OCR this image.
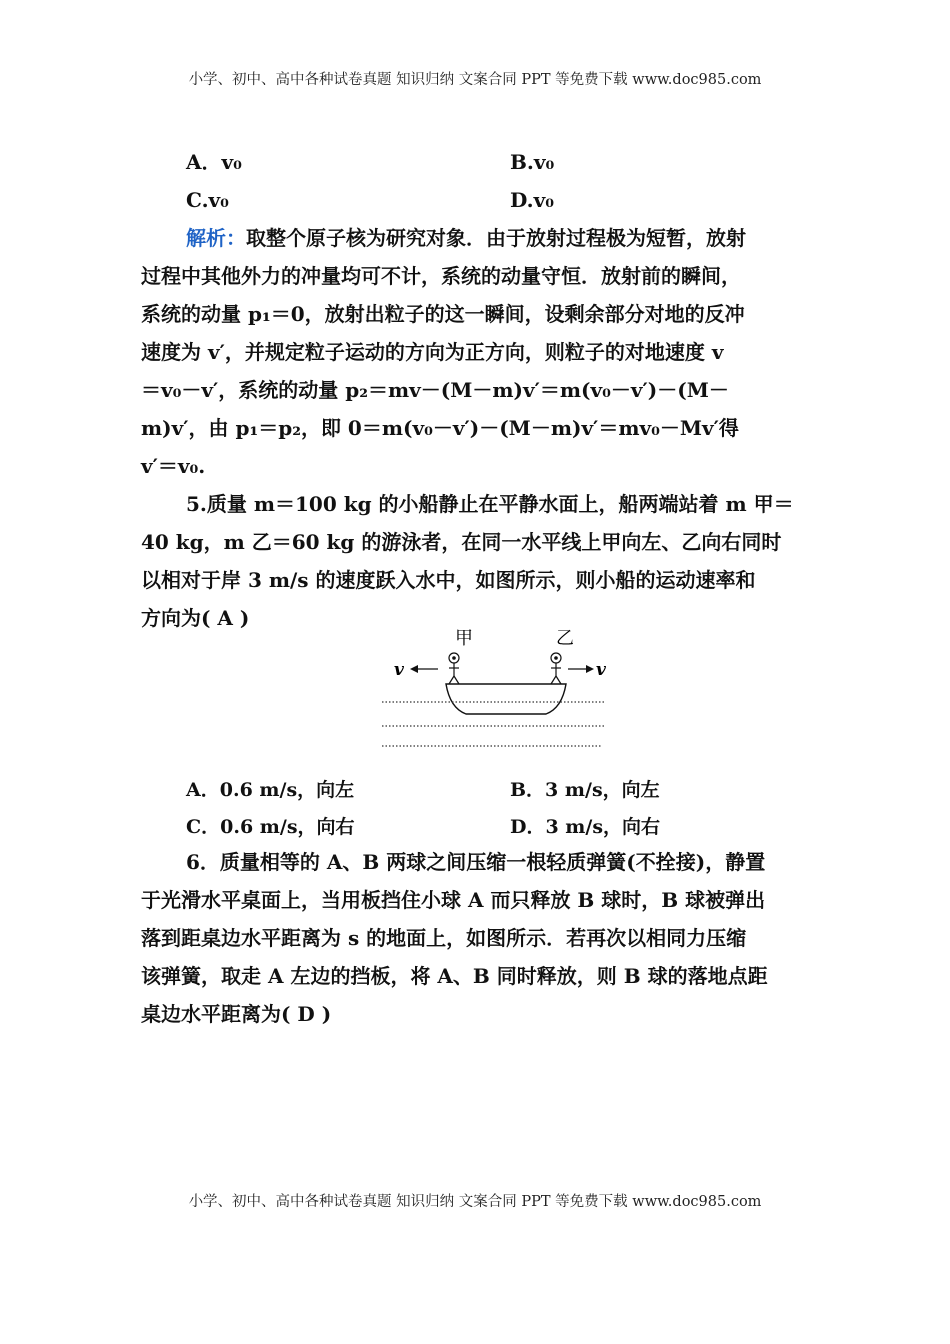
小学、初中、高中各种试卷真题 知识归纳 文案合同 PPT 等免费下载 www.doc985.com
A．v₀	B.v₀
C.v₀	D.v₀
解析：取整个原子核为研究对象．由于放射过程极为短暂，放射
过程中其他外力的冲量均可不计，系统的动量守恒．放射前的瞬间，
系统的动量 p₁＝0，放射出粒子的这一瞬间，设剩余部分对地的反冲
速度为 v′，并规定粒子运动的方向为正方向，则粒子的对地速度 v
＝v₀－v′，系统的动量 p₂＝mv－(M－m)v′＝m(v₀－v′)－(M－
m)v′，由 p₁＝p₂，即 0＝m(v₀－v′)－(M－m)v′＝mv₀－Mv′得
v′＝v₀.
5.质量 m＝100 kg 的小船静止在平静水面上，船两端站着 m 甲＝
40 kg，m 乙＝60 kg 的游泳者，在同一水平线上甲向左、乙向右同时
以相对于岸 3 m/s 的速度跃入水中，如图所示，则小船的运动速率和
方向为( A )
甲	乙
v	v
A．0.6 m/s，向左	B．3 m/s，向左
C．0.6 m/s，向右	D．3 m/s，向右
6．质量相等的 A、B 两球之间压缩一根轻质弹簧(不拴接)，静置
于光滑水平桌面上，当用板挡住小球 A 而只释放 B 球时，B 球被弹出
落到距桌边水平距离为 s 的地面上，如图所示．若再次以相同力压缩
该弹簧，取走 A 左边的挡板，将 A、B 同时释放，则 B 球的落地点距
桌边水平距离为( D )
小学、初中、高中各种试卷真题 知识归纳 文案合同 PPT 等免费下载 www.doc985.com
